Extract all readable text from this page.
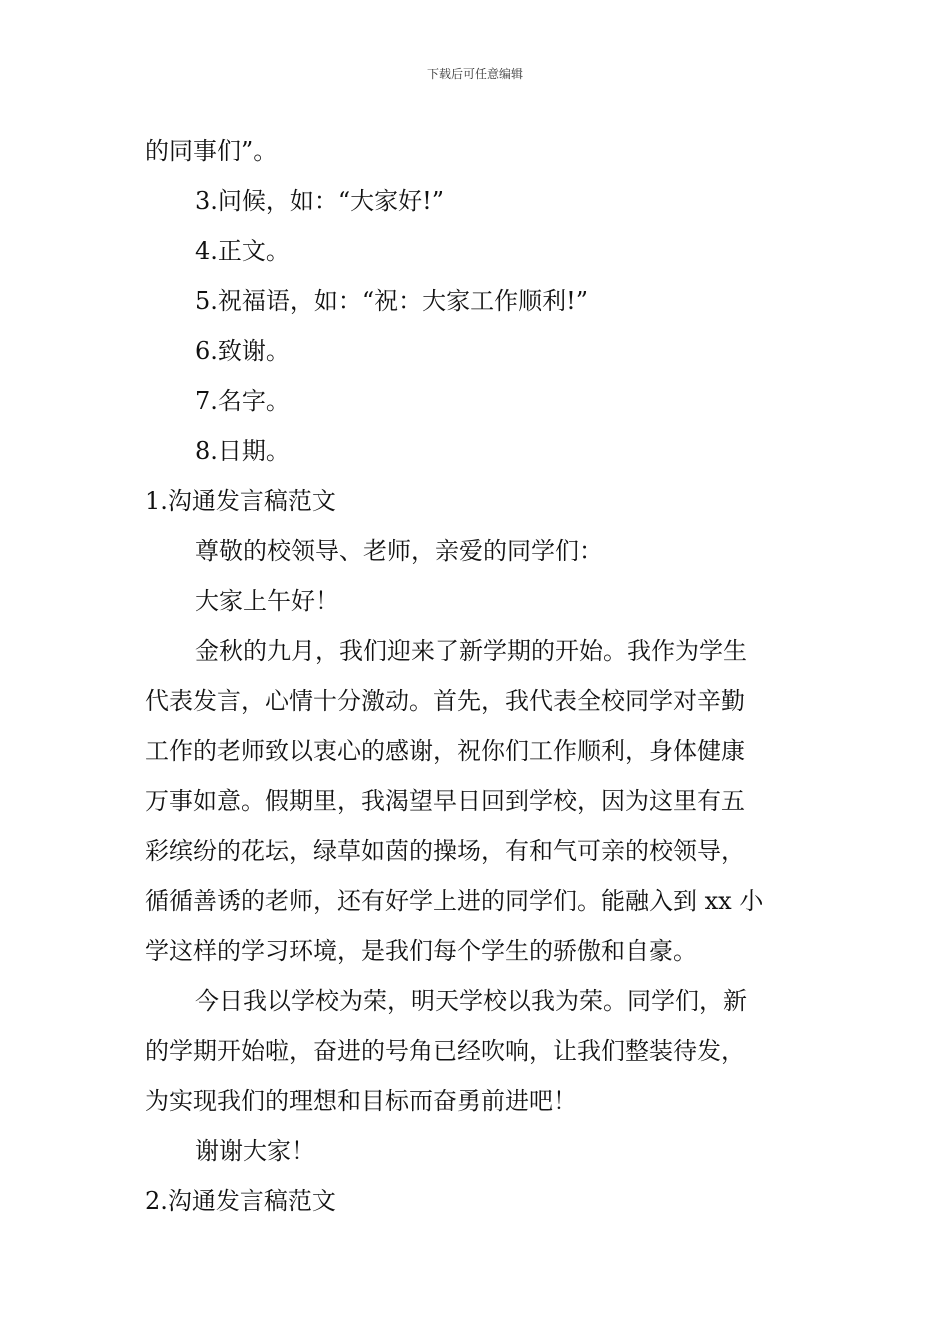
下载后可任意编辑
的同事们”。
3.问候，如：“大家好!”
4.正文。
5.祝福语，如：“祝：大家工作顺利!”
6.致谢。
7.名字。
8.日期。
1.沟通发言稿范文
尊敬的校领导、老师，亲爱的同学们：
大家上午好！
金秋的九月，我们迎来了新学期的开始。我作为学生
代表发言，心情十分激动。首先，我代表全校同学对辛勤
工作的老师致以衷心的感谢，祝你们工作顺利，身体健康
万事如意。假期里，我渴望早日回到学校，因为这里有五
彩缤纷的花坛，绿草如茵的操场，有和气可亲的校领导，
循循善诱的老师，还有好学上进的同学们。能融入到 xx 小
学这样的学习环境，是我们每个学生的骄傲和自豪。
今日我以学校为荣，明天学校以我为荣。同学们，新
的学期开始啦，奋进的号角已经吹响，让我们整装待发，
为实现我们的理想和目标而奋勇前进吧！
谢谢大家！
2.沟通发言稿范文
